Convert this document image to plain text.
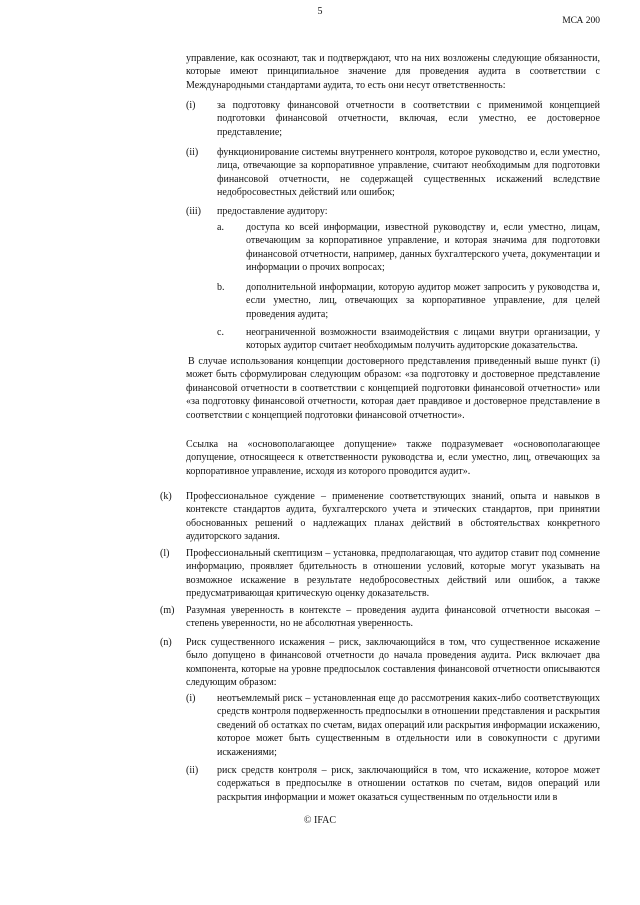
5
МСА 200

управление, как осознают, так и подтверждают, что на них возложены следующие обязанности, которые имеют принципиальное значение для проведения аудита в соответствии с Международными стандартами аудита, то есть они несут ответственность:

(i) за подготовку финансовой отчетности в соответствии с применимой концепцией подготовки финансовой отчетности, включая, если уместно, ее достоверное представление;

(ii) функционирование системы внутреннего контроля, которое руководство и, если уместно, лица, отвечающие за корпоративное управление, считают необходимым для подготовки финансовой отчетности, не содержащей существенных искажений вследствие недобросовестных действий или ошибок;

(iii) предоставление аудитору:

a. доступа ко всей информации, известной руководству и, если уместно, лицам, отвечающим за корпоративное управление, и которая значима для подготовки финансовой отчетности, например, данных бухгалтерского учета, документации и информации о прочих вопросах;

b. дополнительной информации, которую аудитор может запросить у руководства и, если уместно, лиц, отвечающих за корпоративное управление, для целей проведения аудита;

c. неограниченной возможности взаимодействия с лицами внутри организации, у которых аудитор считает необходимым получить аудиторские доказательства.

В случае использования концепции достоверного представления приведенный выше пункт (i) может быть сформулирован следующим образом: «за подготовку и достоверное представление финансовой отчетности в соответствии с концепцией подготовки финансовой отчетности» или «за подготовку финансовой отчетности, которая дает правдивое и достоверное представление в соответствии с концепцией подготовки финансовой отчетности».

Ссылка на «основополагающее допущение» также подразумевает «основополагающее допущение, относящееся к ответственности руководства и, если уместно, лиц, отвечающих за корпоративное управление, исходя из которого проводится аудит».

(k) Профессиональное суждение – применение соответствующих знаний, опыта и навыков в контексте стандартов аудита, бухгалтерского учета и этических стандартов, при принятии обоснованных решений о надлежащих планах действий в обстоятельствах конкретного аудиторского задания.

(l) Профессиональный скептицизм – установка, предполагающая, что аудитор ставит под сомнение информацию, проявляет бдительность в отношении условий, которые могут указывать на возможное искажение в результате недобросовестных действий или ошибок, а также предусматривающая критическую оценку доказательств.

(m) Разумная уверенность в контексте – проведения аудита финансовой отчетности высокая – степень уверенности, но не абсолютная уверенность.

(n) Риск существенного искажения – риск, заключающийся в том, что существенное искажение было допущено в финансовой отчетности до начала проведения аудита. Риск включает два компонента, которые на уровне предпосылок составления финансовой отчетности описываются следующим образом:

(i) неотъемлемый риск – установленная еще до рассмотрения каких-либо соответствующих средств контроля подверженность предпосылки в отношении представления и раскрытия сведений об остатках по счетам, видах операций или раскрытия информации искажению, которое может быть существенным в отдельности или в совокупности с другими искажениями;

(ii) риск средств контроля – риск, заключающийся в том, что искажение, которое может содержаться в предпосылке в отношении остатков по счетам, видов операций или раскрытия информации и может оказаться существенным по отдельности или в

© IFAC
